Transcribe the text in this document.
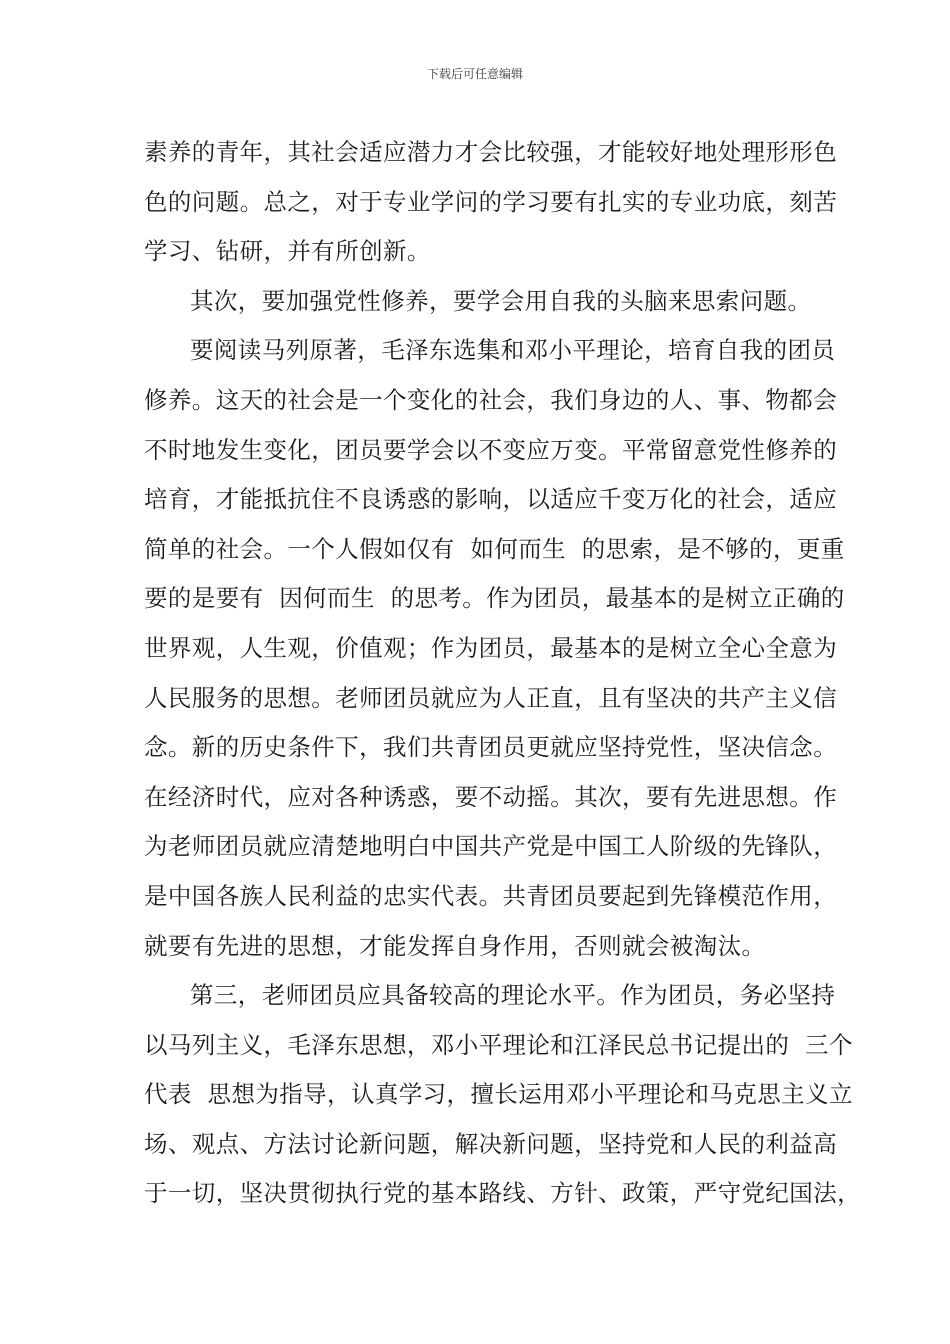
下载后可任意编辑
素养的青年，其社会适应潜力才会比较强，才能较好地处理形形色
色的问题。总之，对于专业学问的学习要有扎实的专业功底，刻苦
学习、钻研，并有所创新。
其次，要加强党性修养，要学会用自我的头脑来思索问题。
要阅读马列原著，毛泽东选集和邓小平理论，培育自我的团员
修养。这天的社会是一个变化的社会，我们身边的人、事、物都会
不时地发生变化，团员要学会以不变应万变。平常留意党性修养的
培育，才能抵抗住不良诱惑的影响，以适应千变万化的社会，适应
简单的社会。一个人假如仅有  如何而生  的思索，是不够的，更重
要的是要有  因何而生  的思考。作为团员，最基本的是树立正确的
世界观，人生观，价值观；作为团员，最基本的是树立全心全意为
人民服务的思想。老师团员就应为人正直，且有坚决的共产主义信
念。新的历史条件下，我们共青团员更就应坚持党性，坚决信念。
在经济时代，应对各种诱惑，要不动摇。其次，要有先进思想。作
为老师团员就应清楚地明白中国共产党是中国工人阶级的先锋队，
是中国各族人民利益的忠实代表。共青团员要起到先锋模范作用，
就要有先进的思想，才能发挥自身作用，否则就会被淘汰。
第三，老师团员应具备较高的理论水平。作为团员，务必坚持
以马列主义，毛泽东思想，邓小平理论和江泽民总书记提出的  三个
代表  思想为指导，认真学习，擅长运用邓小平理论和马克思主义立
场、观点、方法讨论新问题，解决新问题，坚持党和人民的利益高
于一切，坚决贯彻执行党的基本路线、方针、政策，严守党纪国法，
